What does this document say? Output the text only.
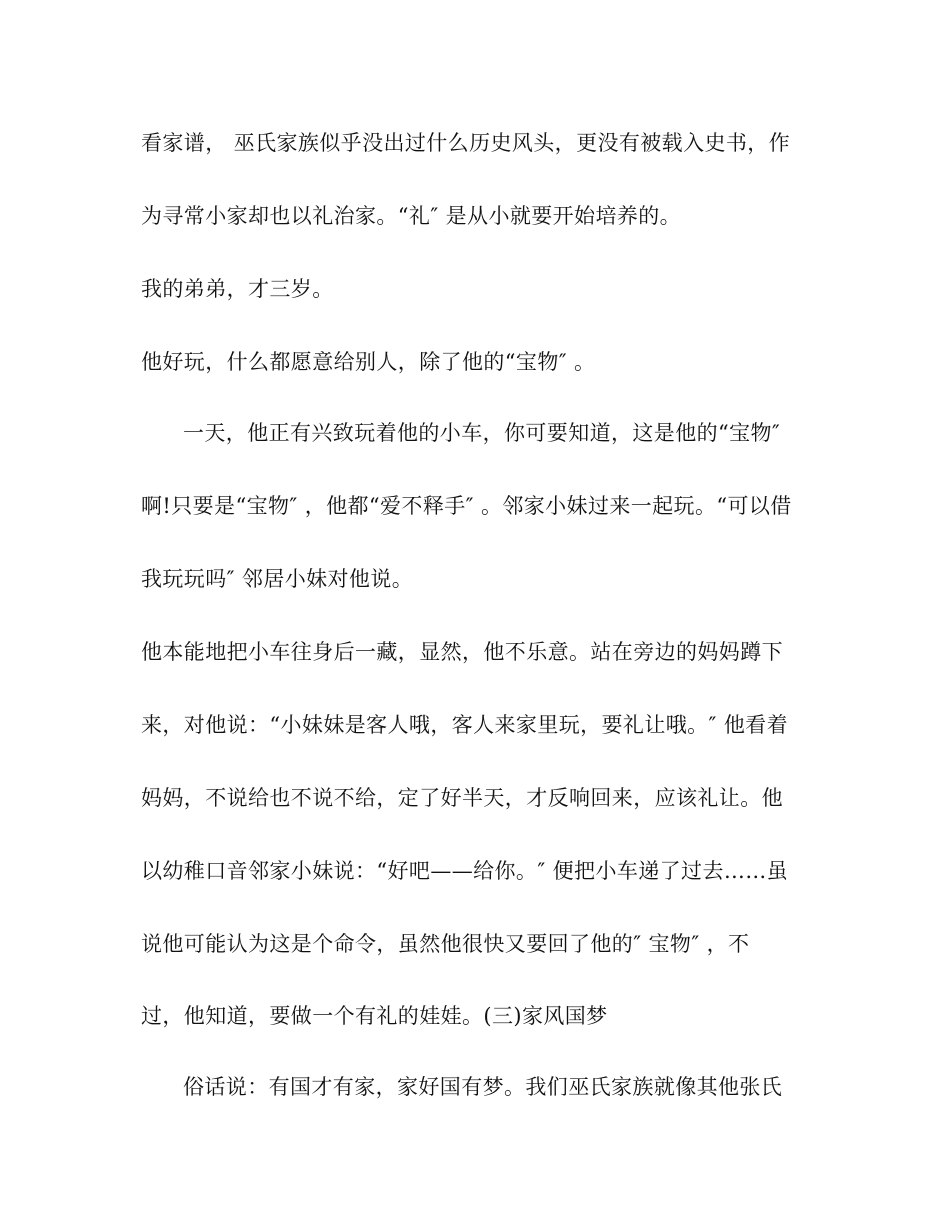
看家谱， 巫氏家族似乎没出过什么历史风头，更没有被载入史书，作
为寻常小家却也以礼治家。“礼″ 是从小就要开始培养的。
我的弟弟，才三岁。
他好玩，什么都愿意给别人，除了他的“宝物″ 。
一天，他正有兴致玩着他的小车，你可要知道，这是他的“宝物″
啊!只要是“宝物″ ，他都“爱不释手″ 。邻家小妹过来一起玩。“可以借
我玩玩吗″ 邻居小妹对他说。
他本能地把小车往身后一藏，显然，他不乐意。站在旁边的妈妈蹲下
来，对他说：“小妹妹是客人哦，客人来家里玩，要礼让哦。″ 他看着
妈妈，不说给也不说不给，定了好半天，才反响回来，应该礼让。他
以幼稚口音邻家小妹说：“好吧——给你。″ 便把小车递了过去……虽
说他可能认为这是个命令，虽然他很快又要回了他的″ 宝物″ ，不
过，他知道，要做一个有礼的娃娃。(三)家风国梦
俗话说：有国才有家，家好国有梦。我们巫氏家族就像其他张氏
